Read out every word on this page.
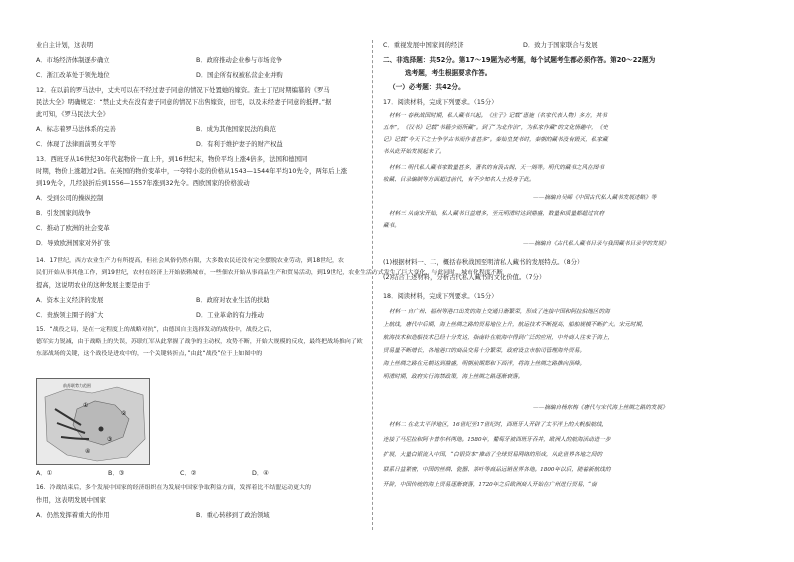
业自主计划，这表明
A．市场经济体制逐步确立	B．政府推动企业参与市场竞争
C．浙江改革处于领先地位	D．国企所有权被私营企业并购
12．在以前的罗马法中，丈夫可以在不经过妻子同意的情况下处置她的嫁资。查士丁尼时期编纂的《罗马
民法大全》明确规定：“禁止丈夫在没有妻子同意的情况下出售嫁资，田宅，以及未经妻子同意的抵押。”据
此可知，《罗马民法大全》
A．标志着罗马法体系的完善	B．成为其他国家民法的典范
C．体现了法律面前男女平等	D．有利于维护妻子的财产权益
13．西班牙从16世纪30年代起物价一直上升，到16世纪末，物价平均上涨4倍多，法国和德国同
时期，物价上涨超过2倍。在英国的物价变革中，一夸特小麦的价格从1543—1544年平均10先令，两年后上涨
到19先令，几经波折后到1556—1557年涨到32先令。西欧国家的价格波动
A．受到公司的操纵控制
B．引发国家间战争
C．推动了欧洲的社会变革
D．导致欧洲国家对外扩张
14．17世纪，西方农业生产力有所提高，但社会风俗仍然有限，大多数农民还没有完全摆脱农业劳动，到18世纪，农
民们开始从事其他工作，到19世纪，农村在经济上开始依赖城市，一些佃农开始从事商品生产和贸易活动，到19世纪，农业生活方式发生了巨大变化，与此同时，城市化程度不断
提高，这说明农业的这种发展主要是由于
A．资本主义经济的发展	B．政府对农业生活的扶助
C．贵族领主圈子的扩大	D．工业革命的有力推动
15．“战役之局，是在一定程度上的战略对抗”，由德国自主选择发动的战役中，战役之后，
德军实力锐减，由于战略上的失误，苏联红军从此掌握了战争的主动权，攻势不断，开始大规模的反攻，最终把战场推向了欧
东部战场的关键，这个战役是进攻中的，一个关键转折点，”由此“战役”位于上如图中的
A．①	B．③	C．②	D．④
16．冷战结束后，多个发展中国家的经济组织在为发展中国家争取利益方面，发挥着比不结盟运动更大的
作用，这表明发展中国家
A．仍然发挥着重大的作用	B．重心转移到了政治领域
前苏联势力范围
①
②
③
④
C．重视发展中国家间的经济	D．致力于国家联合与发展
二、非选择题：共52分。第17～19题为必考题，每个试题考生都必须作答。第20～22题为
选考题，考生根据要求作答。
（一）必考题：共42分。
17．阅读材料，完成下列要求。（15分）
材料一 春秋战国时期，私人藏书兴起。《庄子》记载“惠施（名家代表人物）多方，其书
五车”，《汉书》记载“书籍少而所藏”。到了“为北作治”，为私家作藏”的文化情趣中，《史
记》记载“今天下之士争学古书而作者甚多”。秦始皇焚书时，秦朝的藏书没有毁灭，私家藏
书从此开始发展起来了。
材料二 明代私人藏书家数量甚多，著名的有汲古阁、天一阁等。明代的藏书之风在图书
收藏、目录编制等方面超过前代，有不少知名人士投身于此。
——摘编自吴晞《中国古代私人藏书发展述略》等
材料三 从南宋开始，私人藏书日益增多，至元明清时达到鼎盛，数量和质量都超过官府
藏书。
——摘编自《古代私人藏书目录与我国藏书目录学的发展》
(1)根据材料一、二，概括春秋战国至明清私人藏书的发展特点。（8分）
(2)结合上述材料，分析古代私人藏书的文化价值。（7分）
18．阅读材料，完成下列要求。（15分）
材料一 自广州、福州等港口出发的海上交通日渐繁荣，形成了连接中国和阿拉伯地区的海
上航线，唐代中后期，海上丝绸之路的贸易地位上升，航运技术不断提高，船舶规模不断扩大。宋元时期，
航海技术和造船技术已经十分发达，指南针在航海中得到广泛的应用，中外商人往来于海上，
贸易量不断增长，各地港口的商品交易十分繁荣，政府设立市舶司管理海外贸易。
海上丝绸之路在元朝达到鼎盛，明朝前期郑和下西洋，将海上丝绸之路推向顶峰。
明清时期，政府实行海禁政策，海上丝绸之路逐渐衰落。
——摘编自杨东梅《唐代与宋代海上丝绸之路的发展》
材料二 在北太平洋地区，16世纪至17世纪时，西班牙人开辟了太平洋上的大帆船航线，
连接了马尼拉和阿卡普尔科两地。1580年，葡萄牙被西班牙吞并，欧洲人的航海活动进一步
扩展，大量白银流入中国，“白银资本”推动了全球贸易网络的形成，从此世界各地之间的
联系日益紧密，中国的丝绸、瓷器、茶叶等商品远销世界各地。1800年以后，随着新航线的
开辟，中国传统的海上贸易逐渐衰落，1720年之后欧洲商人开始在广州进行贸易，“南
